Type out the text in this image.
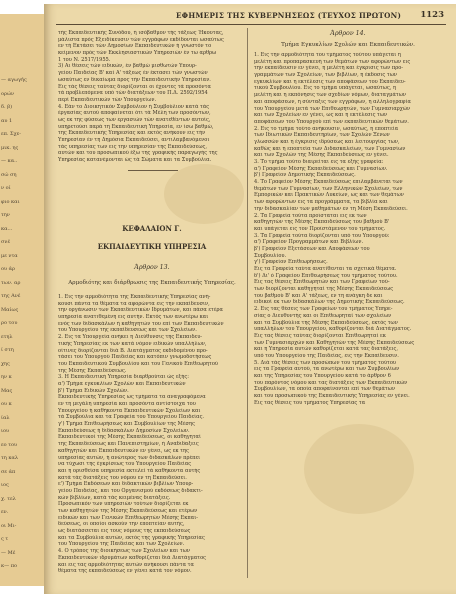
— αγωγής
ορών
δ. β)
αυ 1
επ. Σχε-
μικ. ης
— κα..
σώ ση
ν οί
φιο και
την
κα...
σνέ
με ντα
ου άρ
των. αρ
της Ανέ
Μαίως
ρο του
ετηλ
ί στη
χης
ην κ
Μας
ου κ
ίαλ
ιου
εο του
τη καλ
σε άπ
ιος
χ. τελ
εν.
οι Μι-
ς τ
— Μέ
κ— πο
ΕΦΗΜΕΡΙΣ ΤΗΣ ΚΥΒΕΡΝΗΣΕΩΣ (ΤΕΥΧΟΣ ΠΡΩΤΟΝ) 1123
τής Εκπαιδευτικής Συνόδου, ή ισόβαθμον τής τάξεως Ήκουτας,
μάλιστα πρός Εξειδίκευσιν τών εγγράφων εκδίδονται ωσαύτως
εν τή Εκτάσει τών Δημοσίων Εκπαιδευτικών ή γνωστόν το
κείμενον πρός τών Εκκλησιαστικών Υπηρεσιών έν τω αρθρω
1 του Ν. 2517/1955.
3) Αι θέσεις τών ειδικών, έν βαθμώ μισθωτών Υπουρ-
γείου Παιδείας Β' καί Α' τάξεως έν έκτασει τών γνωστών
ωσαύτως εν δικαίωμα προς τήν Εκπαιδευτικήν Υπηρεσίαν.
Εις τάς θέσεις ταύτας διορίζονται οι έχοντες τά προσόντα
τά προβλεπόμενα υπό τών διατάξεων του Π.Δ. 2592/1954
περί Εκπαιδευτικών τών Υπουργείων.
4. Εάν το Διοικητικόν Συμβούλιον ή Συμβούλιον κατά τάς
έργασίας αυτού αποφαίνεται ότι τά Μέλη των προσόντων,
ως εκ της φύσεως των εργασιών τών ανατεθέντων αυτοίς,
υπηρετούσι παρά τη Εκπαιδευτική Υπηρεσία, εν ίσω βαθμώ,
της Εκπαιδευτικής Υπηρεσίας και εκτός ανήκουν εις τήν
Υπηρεσίαν έν τη Δημόσια Εκπαιδεύσει, αντιλαμβανόμενοι
τάς υπηρεσίας των εις την υπηρεσίαν της Εκπαιδεύσεως,
αυτών και του προσωπικού έξω της γραφικής παραγωγής της
Υπηρεσίας κατανέμονται ώς τά Σώματα και τα Συμβούλια.
ΚΕΦΑΛΑΙΟΝ Γ.
ΕΚΠΑΙΔΕΥΤΙΚΗ ΥΠΗΡΕΣΙΑ
Άρθρον 13.
Αρμοδιότης και διάρθρωσις της Εκπαιδευτικής Υπηρεσίας.
1. Εις την αρμοδιότητα της Εκπαιδευτικής Υπηρεσίας ανή-
κουσι πάντα τα θέματα τα αφορώντα εις την εκπαίδευσιν,
την οργάνωσιν των Εκπαιδευτικών Ιδρυμάτων, και πάσα ετέρα
υπηρεσία ανατιθεμένη εις αυτήν. Εκτός των ανωτέρω και
ενός των διδασκάλων ή καθηγητών του επί των Εκπαιδευτικών
του Υπουργείου της εκπαίδευσεως και των Σχολείων.
2. Εις τα Υπουργεία ανήκει η Διεύθυνσις της Εκπαιδευ-
τικής Υπηρεσίας εκ των κατά νόμον ειδικών υπαλλήλων,
οίτινες διορίζονται διά Β. Διατάγματος εκδιδομένου προ-
τάσει του Υπουργού Παιδείας και κατόπιν γνωμοδοτήσεως
του Εκπαιδευτικού Συμβουλίου και του Γενικού Επιθεωρητού
της Μέσης Εκπαιδεύσεως.
3. Η Εκπαιδευτική Υπηρεσία διαρθρούται ώς εξής:
α') Τμήμα εγκυκλίων Σχολών και Εκπαιδευτικών
β') Τμήμα Ειδικών Σχολών.
Εκπαιδευτικής Υπηρεσίας ως τμήματα τα αναγραφόμενα
εν τη μεγάλη υπηρεσία και προσόντα αντίστοιχα του
Υπουργείου ή καθήκοντα Εκπαιδευτικών Σχολείων και
τά Συμβούλια και τα Γραφεία του Υπουργείου Παιδείας.
γ') Τμήμα Επιθεωρήσεως και Συμβουλίων της Μέσης
Εκπαιδεύσεως ή διδασκάλων Δημοσίων Σχολείων.
Εκπαιδευτικοί της Μέσης Εκπαιδεύσεως, οι καθηγηταί
της Εκπαιδεύσεως και Πανεπιστημίων, ή Αναδιδαξεις
καθηγητών και Εκπαιδευτικών εν γένει, ως εκ της
υπηρεσίας αυτών, ή ανώτερος των διδασκάλων πρέπει
να τύχωσι της έγκρίσεως του Υπουργείου Παιδείας
και η ορισθείσα υπηρεσία εκτελεί τά καθήκοντα αυτής
κατά τάς διατάξεις του νόμου εν τη Εκπαιδεύσει.
ε') Τμήμα Εκδόσεων και διδακτικών βιβλίων Υπουρ-
γείου Παιδείας, και του Οργανισμού εκδόσεως διδακτι-
κών βιβλίων, κατά τάς κειμένας διατάξεις.
Προσωπικόν των υπηρεσιών τούτων διορίζεται εκ
των καθηγητών της Μέσης Εκπαιδεύσεως και ετέρων
ειδικών και των Γενικών Επιθεωρητών Μέσης Εκπαι-
δεύσεως, οι οποίοι ασκούν την εποπτείαν αυτής,
ως διατάσσεται εις τους νόμους της εκπαιδεύσεως
και τα Συμβούλια αυτών, εκτός της γραφικής Υπηρεσίας
του Υπουργείου της Παιδείας και των Σχολείων.
4. Ο τρόπος της διοικήσεως των Σχολείων και των
Εκπαιδευτικών ιδρυμάτων καθορίζεται διά Διατάγματος
και εις τας αρμοδιότητας αυτών ανήκουσι πάντα τα
θέματα της εκπαιδεύσεως εν γένει κατά τον νόμον.
Άρθρον 14.
Τμήμα Εγκυκλίων Σχολών και Εκπαιδευτικών.
1. Εις την αρμοδιότητα του τμήματος τούτου υπάγεται η
μελέτη και προπαρασκευή των θεμάτων των αφορώντων εις
την εκπαίδευσιν εν γένει, η μελέτη και έγκρισις των προ-
γραμμάτων των Σχολείων, των βιβλίων, η έκδοσις των
εγκυκλίων και η εκτέλεσις των αποφάσεων του Εκπαιδευ-
τικού Συμβουλίου. Εις το τμήμα υπάγεται, ωσαύτως, η
μελέτη και η εκπόνησις των σχεδίων νόμων, διαταγμάτων
και αποφάσεων, η σύνταξις των εγγράφων, η αλληλογραφία
του Υπουργείου μετά των Επιθεωρητών, των Γυμνασιαρχών
και των Σχολείων εν γένει, ως και η εκτέλεσις των
αποφάσεων του Υπουργού επί των εκπαιδευτικών θεμάτων.
2. Εις το τμήμα τούτο ανήκουσιν, ωσαύτως, η εποπτεία
των Ιδιωτικών Εκπαιδευτηρίων, των Σχολών Ξένων
γλωσσών και η έγκρισις ιδρύσεως και λειτουργίας των,
καθώς και η εποπτεία των Διδασκαλείων, των Γυμνασίων
και των Σχολών της Μέσης Εκπαιδεύσεως εν γένει.
3. Το τμήμα τούτο διαιρείται εις τα εξής γραφεία:
α') Γραφείον Μέσης Εκπαιδεύσεως και Γυμνασίων.
β') Γραφείον Δημοτικής Εκπαιδεύσεως.
4. Το Γραφείον Μέσης Εκπαιδεύσεως επιλαμβάνεται των
θεμάτων των Γυμνασίων, των Ελληνικών Σχολείων, των
Εμπορικών και Πρακτικών Λυκείων, ως και των θεμάτων
των αφορώντων εις τα προγράμματα, τα βιβλία και
την διδασκαλίαν των μαθημάτων εν τη Μέση Εκπαιδεύσει.
2. Τα Γραφεία τούτα προϊσταται εις εκ των
καθηγητών της Μέσης Εκπαιδεύσεως του βαθμού Β'
και υπάγεται εις τον Προϊστάμενον του τμήματος.
3. Τα Γραφεία τούτα διορίζονται υπό του Υπουργού:
α') Γραφείον Προγραμμάτων και Βιβλίων.
β') Γραφείον Εξετάσεων και Αποφάσεων του
Συμβουλίου.
γ') Γραφείον Επιθεωρήσεως.
Εις τα Γραφεία ταύτα ανατίθενται τα σχετικά θέματα.
δ') Δι' ό Γραφείου Επιθεωρήσεως του τμήματος τούτου.
Εις τας θέσεις Επιθεωρητών και των Γραφείων τού-
των διορίζονται καθηγηταί της Μέσης Εκπαιδεύσεως
του βαθμού Β' και Α' τάξεως, εν τη ανάγκη δε και
ειδικοί εκ των διδασκάλων της Δημοτικής Εκπαιδεύσεως.
2. Εις τας θέσεις των Γραφείων του τμήματος Υπηρε-
σίας ο Διευθυντής και οι Επιθεωρηταί των σχολείων
και τα Συμβούλια της Μέσης Εκπαιδεύσεως, εκτός των
υπαλλήλων του Υπουργείου, καθορίζονται διά Διατάγματος.
Εις τας θέσεις ταύτας διορίζονται Επιθεωρηταί εκ
των Γυμνασιαρχών και Καθηγητών της Μέσης Εκπαιδεύσεως
και η Υπηρεσία αυτών καθορίζεται κατά τας διατάξεις,
υπό του Υπουργείου της Παιδείας, εις την Εκπαίδευσιν.
5. Διά τάς θέσεις των προσώπων του τμήματος τούτου
εις τα Γραφεία αυτού, τα ανωτέρω και των Συμβουλίων
και της Υπηρεσίας του Υπουργείου κατά το άρθρον 6
του παρόντος νόμου και τας διατάξεις των Εκπαιδευτικών
Συμβουλίων, τα οποία αποφαίνονται επί των θεμάτων
και του προσωπικού της Εκπαιδευτικής Υπηρεσίας εν γένει.
Εις τας θέσεις του τμήματος Υπηρεσίας τα
